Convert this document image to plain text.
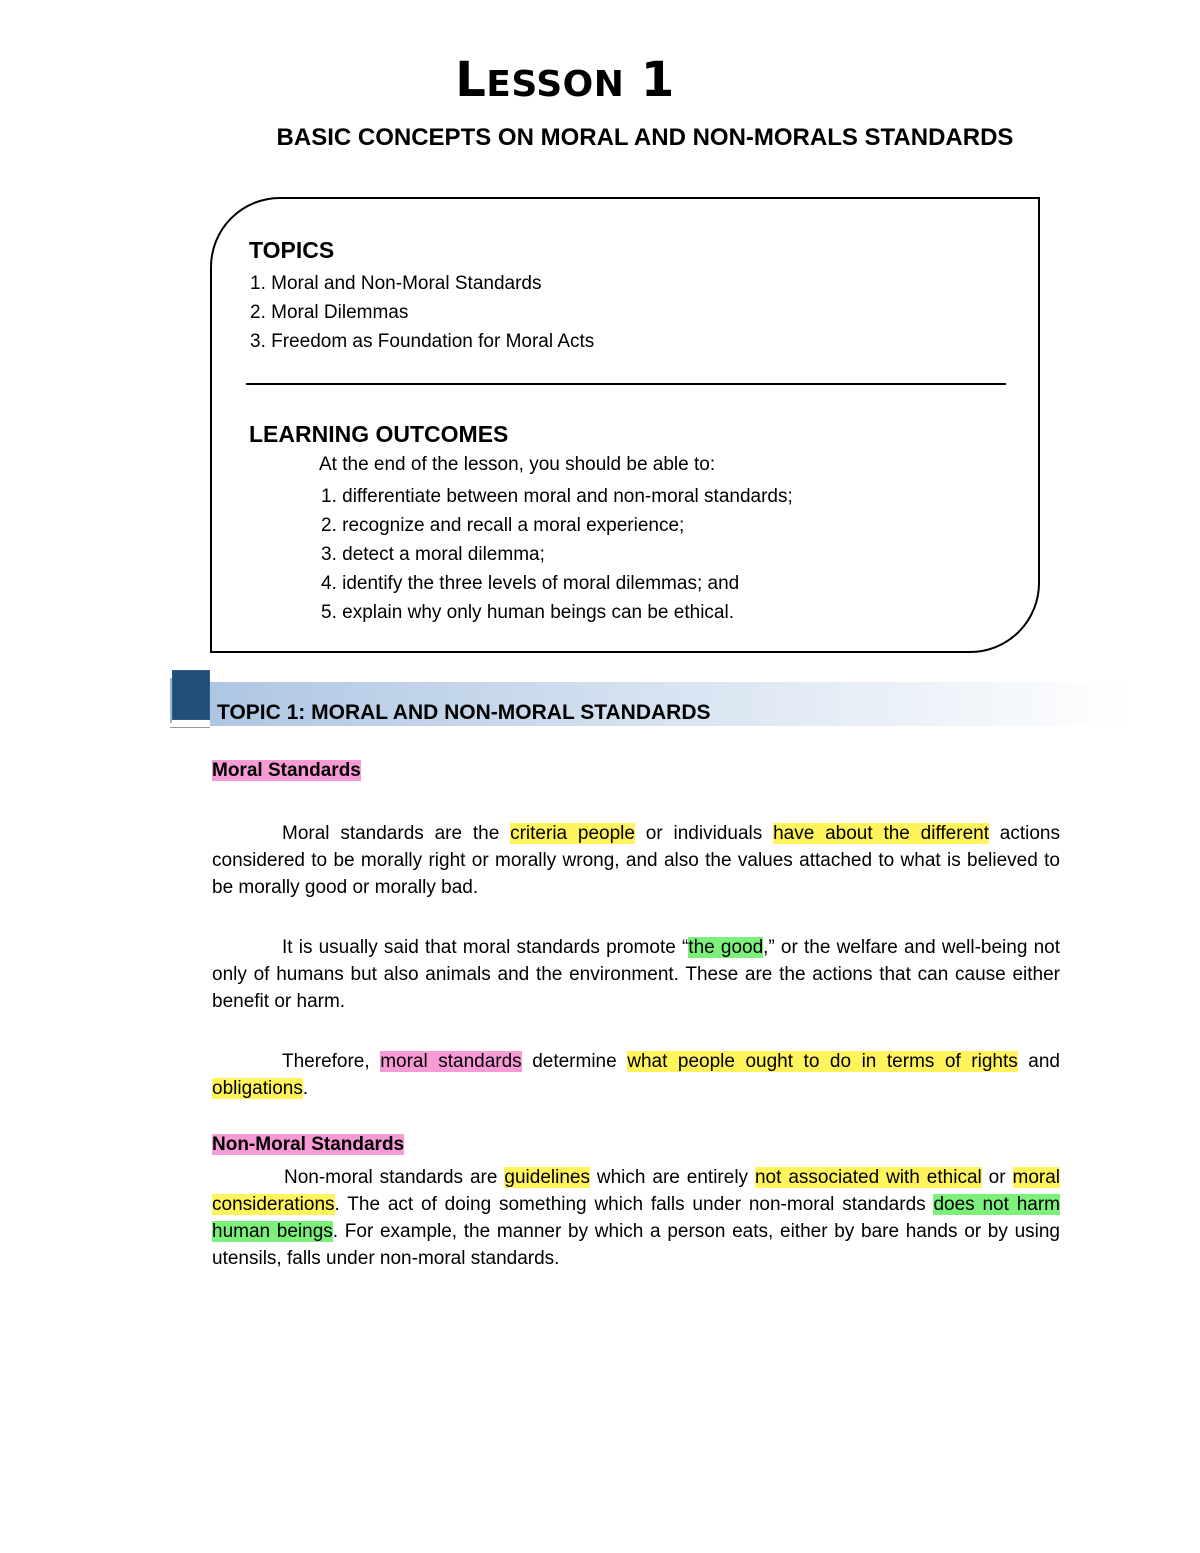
LESSON 1
BASIC CONCEPTS ON MORAL AND NON-MORALS STANDARDS
TOPICS
1. Moral and Non-Moral Standards
2. Moral Dilemmas
3. Freedom as Foundation for Moral Acts
LEARNING OUTCOMES
At the end of the lesson, you should be able to:
1. differentiate between moral and non-moral standards;
2. recognize and recall a moral experience;
3. detect a moral dilemma;
4. identify the three levels of moral dilemmas; and
5. explain why only human beings can be ethical.
TOPIC 1: MORAL AND NON-MORAL STANDARDS
Moral Standards

Moral standards are the criteria people or individuals have about the different actions considered to be morally right or morally wrong, and also the values attached to what is believed to be morally good or morally bad.

It is usually said that moral standards promote “the good,” or the welfare and well-being not only of humans but also animals and the environment. These are the actions that can cause either benefit or harm.

Therefore, moral standards determine what people ought to do in terms of rights and obligations.

Non-Moral Standards

Non-moral standards are guidelines which are entirely not associated with ethical or moral considerations. The act of doing something which falls under non-moral standards does not harm human beings. For example, the manner by which a person eats, either by bare hands or by using utensils, falls under non-moral standards.
